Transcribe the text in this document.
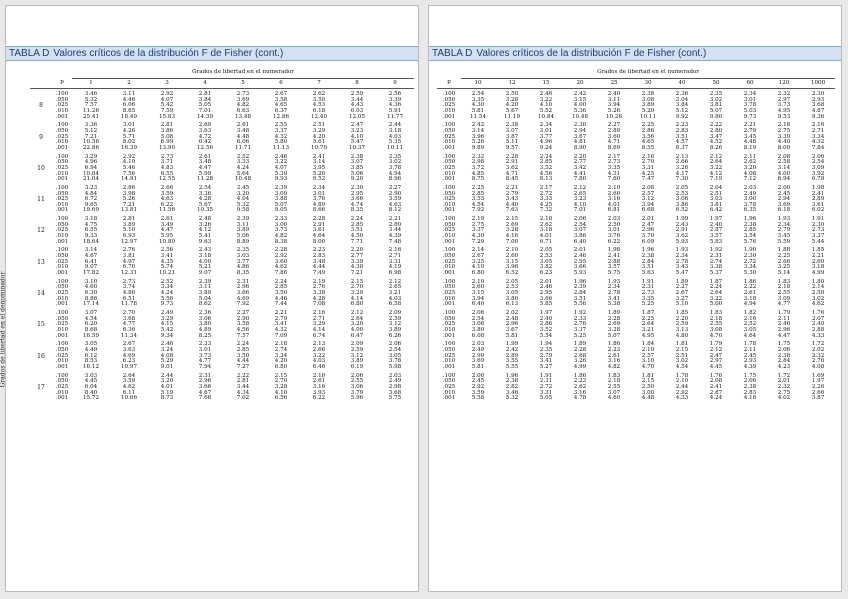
TABLA D Valores críticos de la distribución F de Fisher (cont.)
Grados de libertad en el denominador
		Grados de libertad en el numerador								
	p	1	2	3	4	5	6	7	8	9

	.100	3.46	3.11	2.92	2.81	2.73	2.67	2.62	2.59	2.56
	.050	5.32	4.46	4.07	3.84	3.69	3.58	3.50	3.44	3.39
8	.025	7.57	6.06	5.42	5.05	4.82	4.65	4.53	4.43	4.36
	.010	11.26	8.65	7.59	7.01	6.63	6.37	6.18	6.03	5.91
	.001	25.41	18.49	15.83	14.39	13.48	12.86	12.40	12.05	11.77

	.100	3.36	3.01	2.81	2.69	2.61	2.55	2.51	2.47	2.44
	.050	5.12	4.26	3.86	3.63	3.48	3.37	3.29	3.23	3.18
9	.025	7.21	5.71	5.08	4.72	4.48	4.32	4.20	4.10	4.03
	.010	10.56	8.02	6.99	6.42	6.06	5.80	5.61	5.47	5.35
	.001	22.86	16.39	13.90	12.56	11.71	11.13	10.70	10.37	10.11

	.100	3.29	2.92	2.73	2.61	2.52	2.46	2.41	2.38	2.35
	.050	4.96	4.10	3.71	3.48	3.33	3.22	3.14	3.07	3.02
10	.025	6.94	5.46	4.83	4.47	4.24	4.07	3.95	3.85	3.78
	.010	10.04	7.56	6.55	5.99	5.64	5.39	5.20	5.06	4.94
	.001	21.04	14.91	12.55	11.28	10.48	9.93	9.52	9.20	8.96

	.100	3.23	2.86	2.66	2.54	2.45	2.39	2.34	2.30	2.27
	.050	4.84	3.98	3.59	3.36	3.20	3.09	3.01	2.95	2.90
11	.025	6.72	5.26	4.63	4.28	4.04	3.88	3.76	3.66	3.59
	.010	9.65	7.21	6.22	5.67	5.32	5.07	4.89	4.74	4.63
	.001	19.69	13.81	11.56	10.35	9.58	9.05	8.66	8.35	8.12

	.100	3.18	2.81	2.61	2.48	2.39	2.33	2.28	2.24	2.21
	.050	4.75	3.89	3.49	3.26	3.11	3.00	2.91	2.85	2.80
12	.025	6.55	5.10	4.47	4.12	3.89	3.73	3.61	3.51	3.44
	.010	9.33	6.93	5.95	5.41	5.06	4.82	4.64	4.50	4.39
	.001	18.64	12.97	10.80	9.63	8.89	8.38	8.00	7.71	7.48

	.100	3.14	2.76	2.56	2.43	2.35	2.28	2.23	2.20	2.16
	.050	4.67	3.81	3.41	3.18	3.03	2.92	2.83	2.77	2.71
13	.025	6.41	4.97	4.35	4.00	3.77	3.60	3.48	3.39	3.31
	.010	9.07	6.70	5.74	5.21	4.86	4.62	4.44	4.30	4.19
	.001	17.82	12.31	10.21	9.07	8.35	7.86	7.49	7.21	6.98

	.100	3.10	2.73	2.52	2.39	2.31	2.24	2.19	2.15	2.12
	.050	4.60	3.74	3.34	3.11	2.96	2.85	2.76	2.70	2.65
14	.025	6.30	4.86	4.24	3.89	3.66	3.50	3.38	3.29	3.21
	.010	8.86	6.51	5.56	5.04	4.69	4.46	4.28	4.14	4.03
	.001	17.14	11.78	9.73	8.62	7.92	7.44	7.08	6.80	6.58

	.100	3.07	2.70	2.49	2.36	2.27	2.21	2.16	2.12	2.09
	.050	4.54	3.68	3.29	3.06	2.90	2.79	2.71	2.64	2.59
15	.025	6.20	4.77	4.15	3.80	3.58	3.41	3.29	3.20	3.12
	.010	8.68	6.36	5.42	4.89	4.56	4.32	4.14	4.00	3.89
	.001	16.59	11.34	9.34	8.25	7.57	7.09	6.74	6.47	6.26

	.100	3.05	2.67	2.46	2.33	2.24	2.18	2.13	2.09	2.06
	.050	4.49	3.63	3.24	3.01	2.85	2.74	2.66	2.59	2.54
16	.025	6.12	4.69	4.08	3.73	3.50	3.34	3.22	3.12	3.05
	.010	8.53	6.23	5.29	4.77	4.44	4.20	4.03	3.89	3.78
	.001	16.12	10.97	9.01	7.94	7.27	6.80	6.46	6.19	5.98

	.100	3.03	2.64	2.44	2.31	2.22	2.15	2.10	2.06	2.03
	.050	4.45	3.59	3.20	2.96	2.81	2.70	2.61	2.55	2.49
17	.025	6.04	4.62	4.01	3.66	3.44	3.28	3.16	3.06	2.98
	.010	8.40	6.11	5.19	4.67	4.34	4.10	3.93	3.79	3.68
	.001	15.72	10.66	8.73	7.68	7.02	6.56	6.22	5.96	5.75
TABLA D Valores críticos de la distribución F de Fisher (cont.)
	Grados de libertad en el numerador										
p	10	12	15	20	25	30	40	50	60	120	1000

.100	2.54	2.50	2.46	2.42	2.40	2.38	2.36	2.35	2.34	2.32	2.30
.050	3.35	3.28	3.22	3.15	3.11	3.08	3.04	3.02	3.01	2.97	2.93
.025	4.30	4.20	4.10	4.00	3.94	3.89	3.84	3.81	3.78	3.73	3.68
.010	5.81	5.67	5.52	5.36	5.26	5.20	5.12	5.07	5.03	4.95	4.87
.001	11.54	11.19	10.84	10.48	10.26	10.11	9.92	9.80	9.73	9.53	9.36

.100	2.42	2.38	2.34	2.30	2.27	2.25	2.23	2.22	2.21	2.18	2.16
.050	3.14	3.07	3.01	2.94	2.89	2.86	2.83	2.80	2.79	2.75	2.71
.025	3.96	3.87	3.77	3.67	3.60	3.56	3.51	3.47	3.45	3.39	3.34
.010	5.26	5.11	4.96	4.81	4.71	4.65	4.57	4.52	4.48	4.40	4.32
.001	9.89	9.57	9.24	8.90	8.69	8.55	8.37	8.26	8.19	8.00	7.84

.100	2.32	2.28	2.24	2.20	2.17	2.16	2.13	2.12	2.11	2.08	2.06
.050	2.98	2.91	2.85	2.77	2.73	2.70	2.66	2.64	2.62	2.58	2.54
.025	3.72	3.62	3.52	3.42	3.35	3.31	3.26	3.22	3.20	3.14	3.09
.010	4.85	4.71	4.56	4.41	4.31	4.25	4.17	4.12	4.08	4.00	3.92
.001	8.75	8.45	8.13	7.80	7.60	7.47	7.30	7.19	7.12	6.94	6.78

.100	2.25	2.21	2.17	2.12	2.10	2.08	2.05	2.04	2.03	2.00	1.98
.050	2.85	2.79	2.72	2.65	2.60	2.57	2.53	2.51	2.49	2.45	2.41
.025	3.53	3.43	3.33	3.23	3.16	3.12	3.06	3.03	3.00	2.94	2.89
.010	4.54	4.40	4.25	4.10	4.01	3.94	3.86	3.81	3.78	3.69	3.61
.001	7.92	7.63	7.32	7.01	6.81	6.68	6.52	6.42	6.35	6.18	6.02

.100	2.19	2.15	2.10	2.06	2.03	2.01	1.99	1.97	1.96	1.93	1.91
.050	2.75	2.69	2.62	2.54	2.50	2.47	2.43	2.40	2.38	2.34	2.30
.025	3.37	3.28	3.18	3.07	3.01	2.96	2.91	2.87	2.85	2.79	2.73
.010	4.30	4.16	4.01	3.86	3.76	3.70	3.62	3.57	3.54	3.45	3.37
.001	7.29	7.00	6.71	6.40	6.22	6.09	5.93	5.83	5.76	5.59	5.44

.100	2.14	2.10	2.05	2.01	1.98	1.96	1.93	1.92	1.90	1.88	1.85
.050	2.67	2.60	2.53	2.46	2.41	2.38	2.34	2.31	2.30	2.25	2.21
.025	3.25	3.15	3.05	2.95	2.88	2.84	2.78	2.74	2.72	2.66	2.60
.010	4.10	3.96	3.82	3.66	3.57	3.51	3.43	3.38	3.34	3.25	3.18
.001	6.80	6.52	6.23	5.93	5.75	5.63	5.47	5.37	5.30	5.14	4.99

.100	2.10	2.05	2.01	1.96	1.93	1.91	1.89	1.87	1.86	1.83	1.80
.050	2.60	2.53	2.46	2.39	2.34	2.31	2.27	2.24	2.22	2.18	2.14
.025	3.15	3.05	2.95	2.84	2.78	2.73	2.67	2.64	2.61	2.55	2.50
.010	3.94	3.80	3.66	3.51	3.41	3.35	3.27	3.22	3.18	3.09	3.02
.001	6.40	6.13	5.85	5.56	5.38	5.25	5.10	5.00	4.94	4.77	4.62

.100	2.06	2.02	1.97	1.92	1.89	1.87	1.85	1.83	1.82	1.79	1.76
.050	2.54	2.48	2.40	2.33	2.28	2.25	2.20	2.18	2.16	2.11	2.07
.025	3.06	2.96	2.86	2.76	2.69	2.64	2.59	2.55	2.52	2.46	2.40
.010	3.80	3.67	3.52	3.37	3.28	3.21	3.13	3.08	3.05	2.96	2.88
.001	6.08	5.81	5.54	5.25	5.07	4.95	4.80	4.70	4.64	4.47	4.33

.100	2.03	1.99	1.94	1.89	1.86	1.84	1.81	1.79	1.78	1.75	1.72
.050	2.49	2.42	2.35	2.28	2.23	2.19	2.15	2.12	2.11	2.06	2.02
.025	2.99	2.89	2.79	2.68	2.61	2.57	2.51	2.47	2.45	2.38	2.32
.010	3.69	3.55	3.41	3.26	3.16	3.10	3.02	2.97	2.93	2.84	2.76
.001	5.81	5.55	5.27	4.99	4.82	4.70	4.54	4.45	4.39	4.23	4.08

.100	2.00	1.96	1.91	1.86	1.83	1.81	1.78	1.76	1.75	1.72	1.69
.050	2.45	2.38	2.31	2.23	2.18	2.15	2.10	2.08	2.06	2.01	1.97
.025	2.92	2.82	2.72	2.62	2.55	2.50	2.44	2.41	2.38	2.32	2.26
.010	3.59	3.46	3.31	3.16	3.07	3.00	2.92	2.87	2.83	2.75	2.66
.001	5.58	5.32	5.05	4.78	4.60	4.48	4.33	4.24	4.18	4.02	3.87
